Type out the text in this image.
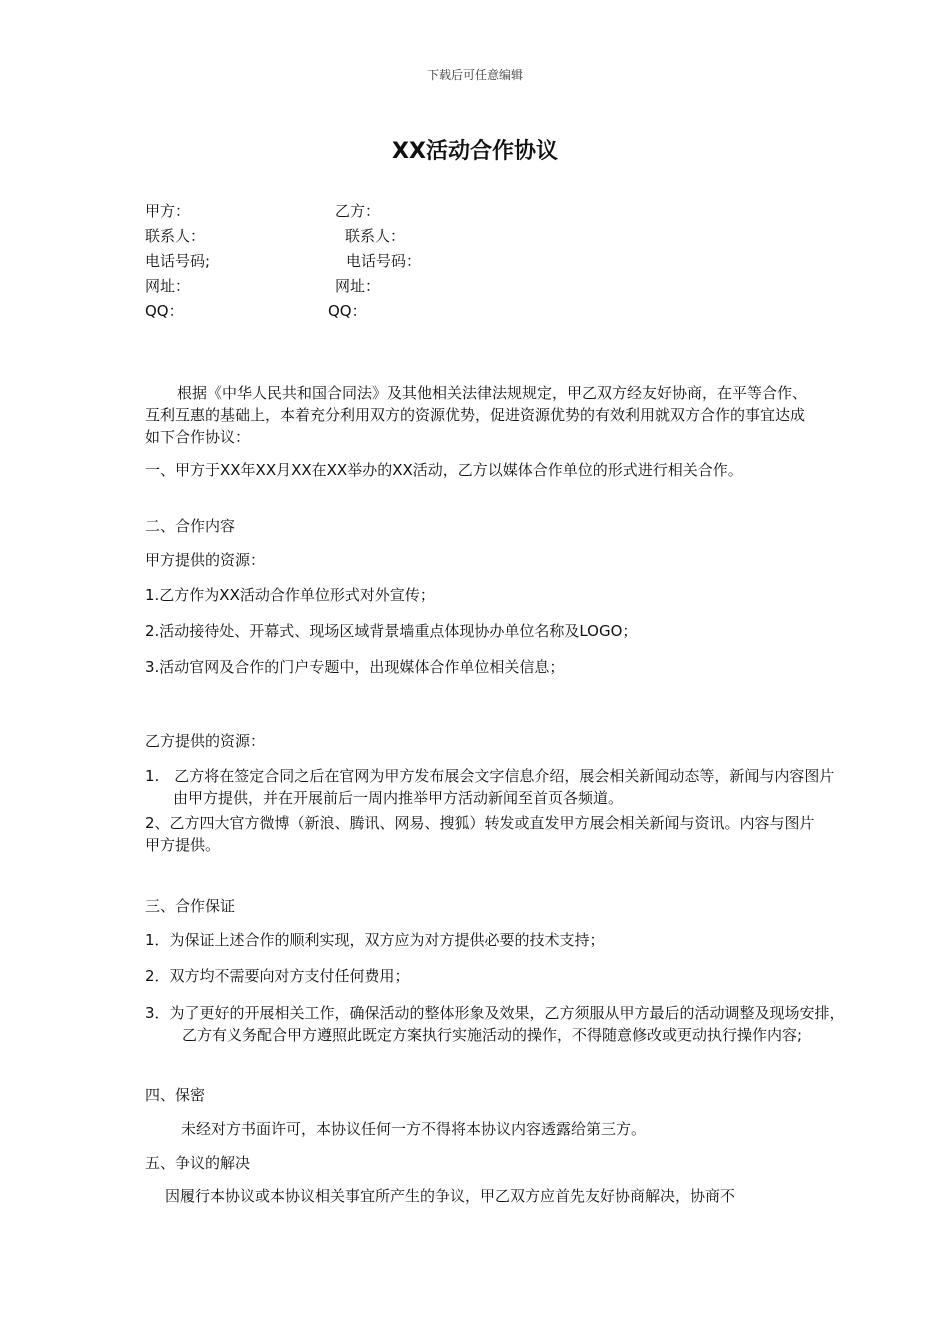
下载后可任意编辑
XX活动合作协议
甲方：	乙方：
联系人：	联系人：
电话号码;	电话号码：
网址：	网址：
QQ：	QQ：
根据《中华人民共和国合同法》及其他相关法律法规规定，甲乙双方经友好协商，在平等合作、互利互惠的基础上，本着充分利用双方的资源优势，促进资源优势的有效利用就双方合作的事宜达成如下合作协议：
一、甲方于XX年XX月XX在XX举办的XX活动，乙方以媒体合作单位的形式进行相关合作。
二、合作内容
甲方提供的资源：
1.乙方作为XX活动合作单位形式对外宣传；
2.活动接待处、开幕式、现场区域背景墙重点体现协办单位名称及LOGO；
3.活动官网及合作的门户专题中，出现媒体合作单位相关信息；
乙方提供的资源：
1.　乙方将在签定合同之后在官网为甲方发布展会文字信息介绍，展会相关新闻动态等，新闻与内容图片由甲方提供，并在开展前后一周内推举甲方活动新闻至首页各频道。
2、乙方四大官方微博（新浪、腾讯、网易、搜狐）转发或直发甲方展会相关新闻与资讯。内容与图片甲方提供。
三、合作保证
1．为保证上述合作的顺利实现，双方应为对方提供必要的技术支持；
2．双方均不需要向对方支付任何费用；
3．为了更好的开展相关工作，确保活动的整体形象及效果，乙方须服从甲方最后的活动调整及现场安排，乙方有义务配合甲方遵照此既定方案执行实施活动的操作，不得随意修改或更动执行操作内容;
四、保密
未经对方书面许可，本协议任何一方不得将本协议内容透露给第三方。
五、争议的解决
因履行本协议或本协议相关事宜所产生的争议，甲乙双方应首先友好协商解决，协商不
